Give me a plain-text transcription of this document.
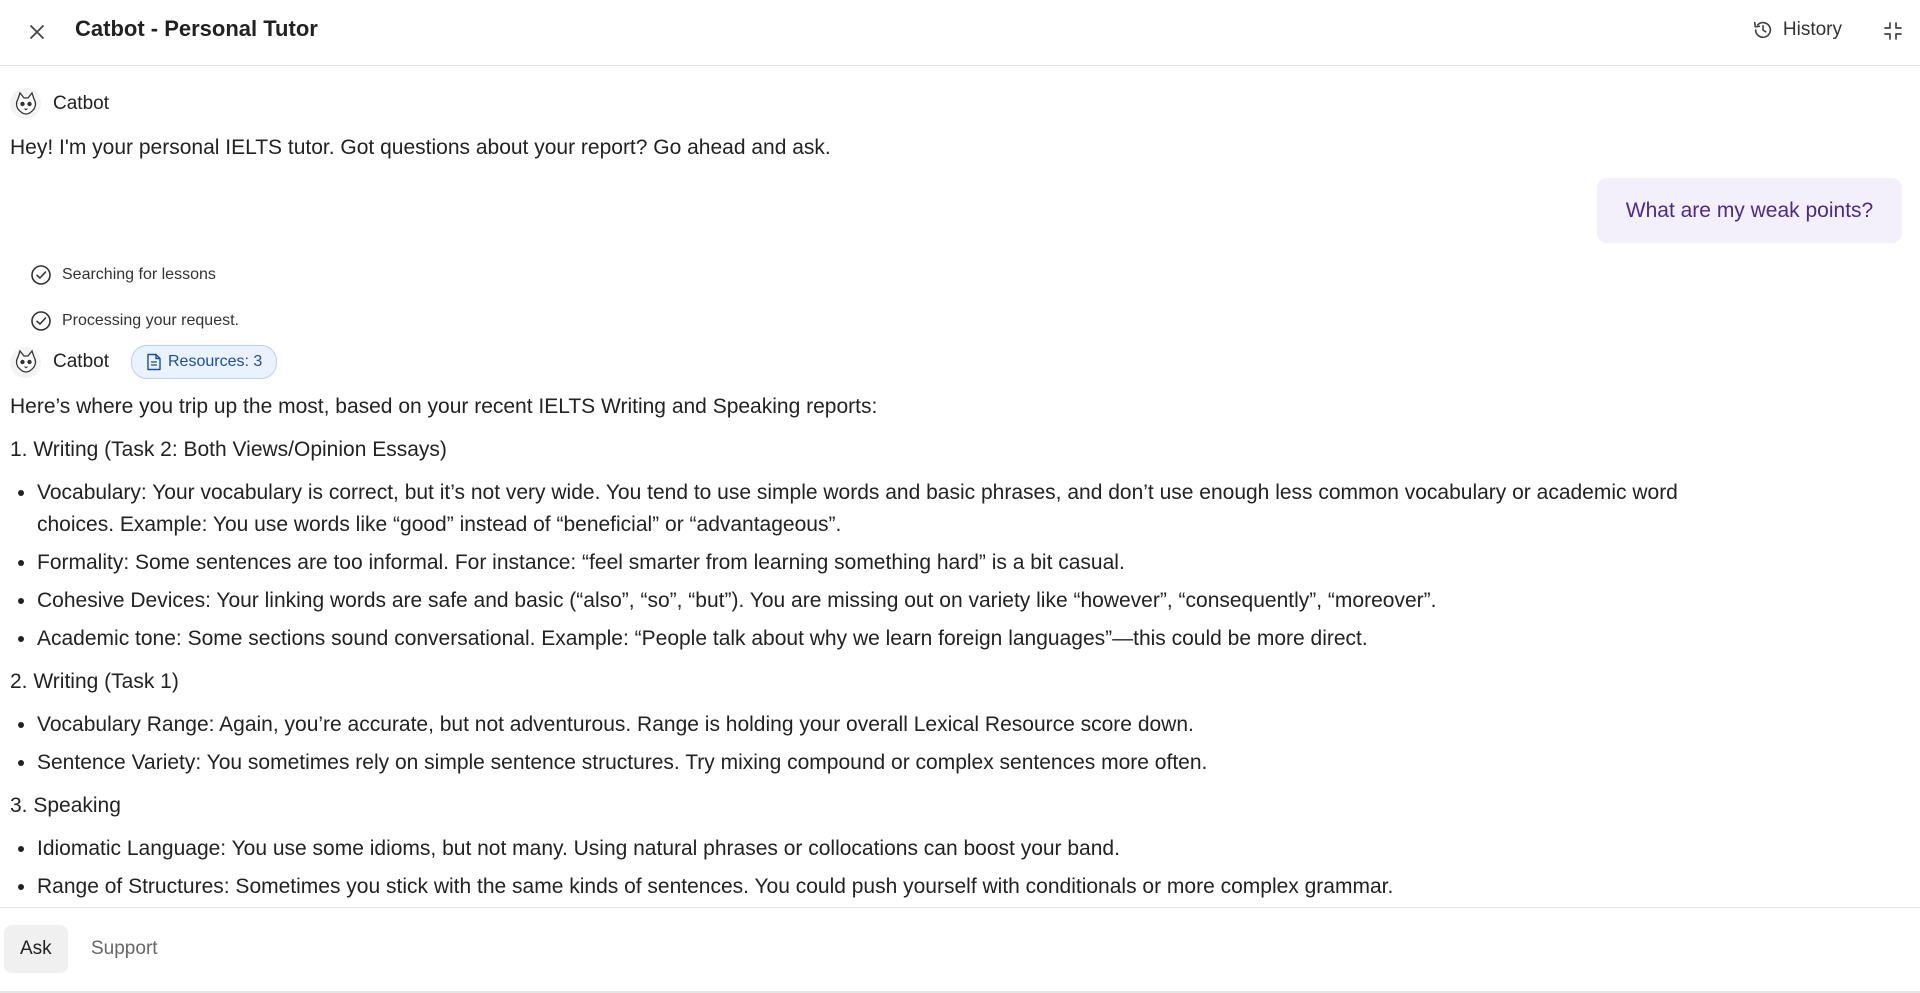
Catbot - Personal Tutor	History
Catbot
Hey! I'm your personal IELTS tutor. Got questions about your report? Go ahead and ask.
What are my weak points?
Searching for lessons
Processing your request.
Catbot	Resources: 3

Here’s where you trip up the most, based on your recent IELTS Writing and Speaking reports:

1. Writing (Task 2: Both Views/Opinion Essays)
• Vocabulary: Your vocabulary is correct, but it’s not very wide. You tend to use simple words and basic phrases, and don’t use enough less common vocabulary or academic word choices. Example: You use words like “good” instead of “beneficial” or “advantageous”.
• Formality: Some sentences are too informal. For instance: “feel smarter from learning something hard” is a bit casual.
• Cohesive Devices: Your linking words are safe and basic (“also”, “so”, “but”). You are missing out on variety like “however”, “consequently”, “moreover”.
• Academic tone: Some sections sound conversational. Example: “People talk about why we learn foreign languages”—this could be more direct.
2. Writing (Task 1)
• Vocabulary Range: Again, you’re accurate, but not adventurous. Range is holding your overall Lexical Resource score down.
• Sentence Variety: You sometimes rely on simple sentence structures. Try mixing compound or complex sentences more often.
3. Speaking
• Idiomatic Language: You use some idioms, but not many. Using natural phrases or collocations can boost your band.
• Range of Structures: Sometimes you stick with the same kinds of sentences. You could push yourself with conditionals or more complex grammar.
Ask	Support
